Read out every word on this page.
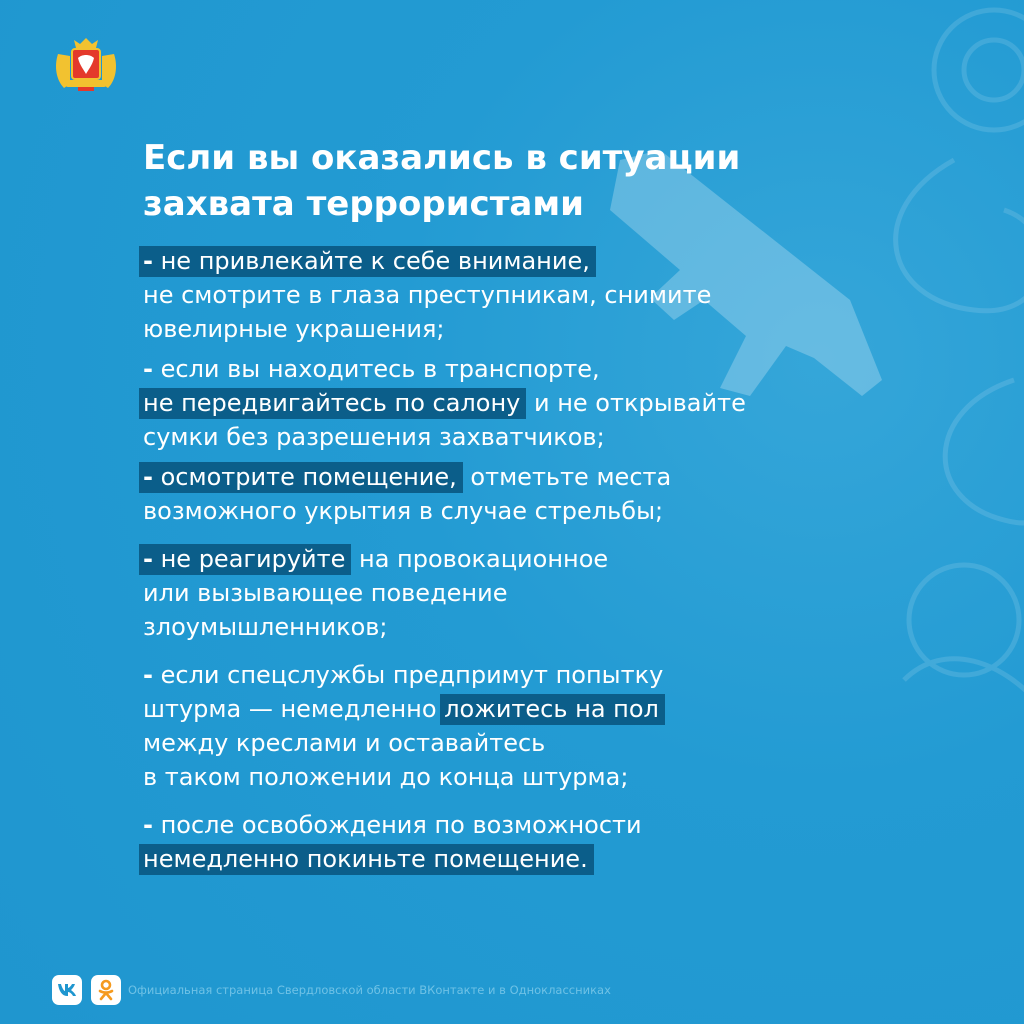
Если вы оказались в ситуации
захвата террористами

- не привлекайте к себе внимание,
не смотрите в глаза преступникам, снимите
ювелирные украшения;

- если вы находитесь в транспорте,
не передвигайтесь по салону и не открывайте
сумки без разрешения захватчиков;

- осмотрите помещение, отметьте места
возможного укрытия в случае стрельбы;

- не реагируйте на провокационное
или вызывающее поведение
злоумышленников;

- если спецслужбы предпримут попытку
штурма — немедленно ложитесь на пол
между креслами и оставайтесь
в таком положении до конца штурма;

- после освобождения по возможности
немедленно покиньте помещение.

Официальная страница Свердловской области ВКонтакте и в Одноклассниках
